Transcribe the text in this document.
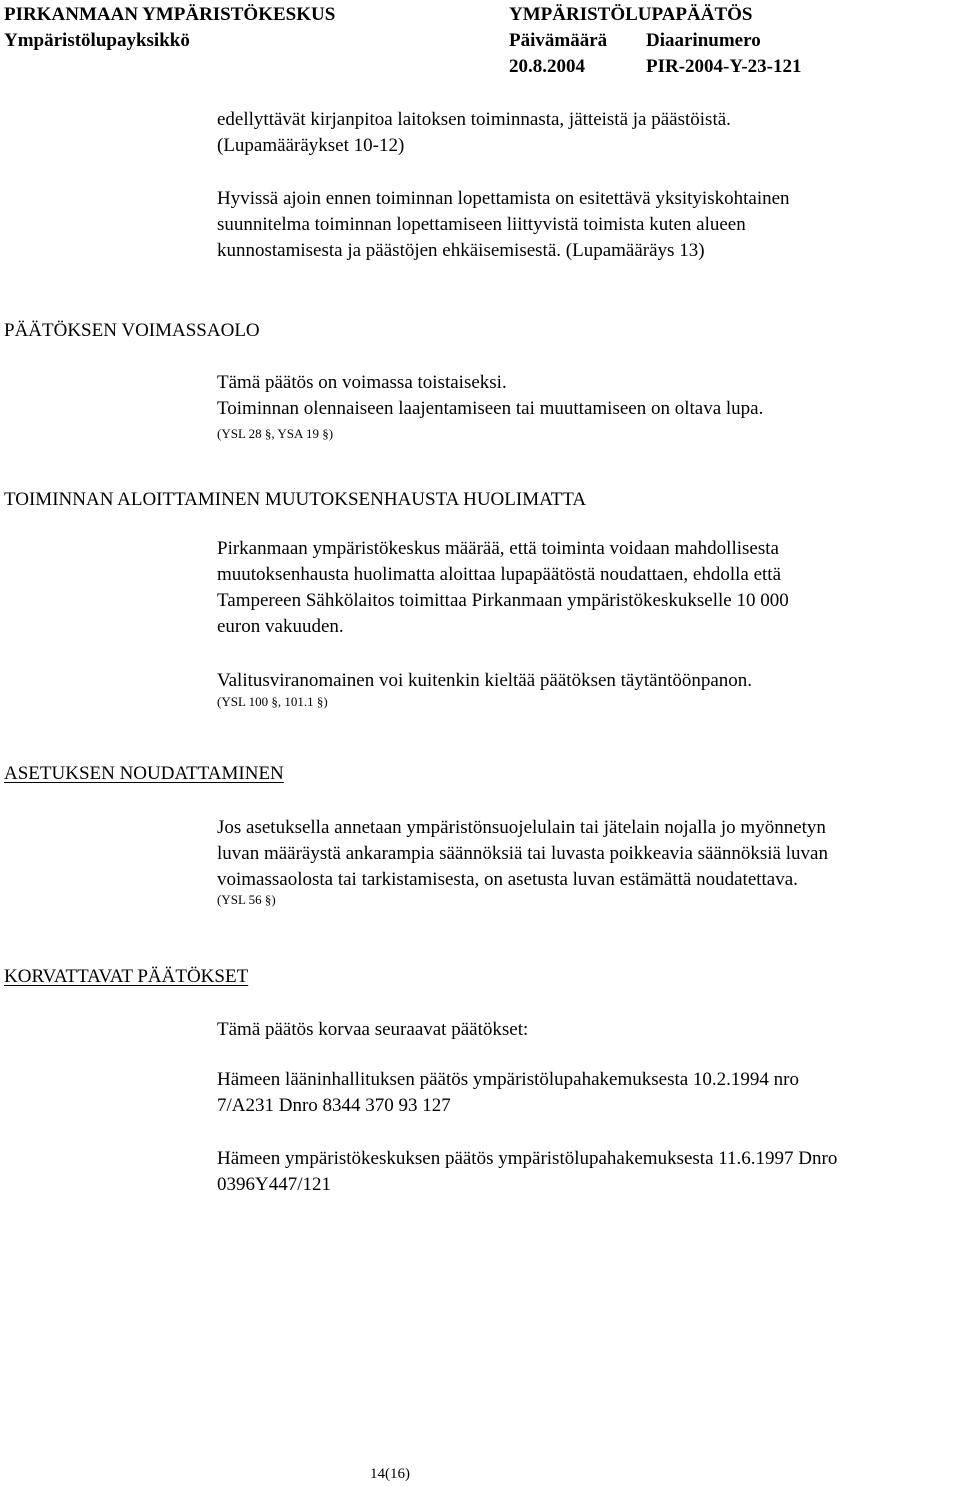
PIRKANMAAN YMPÄRISTÖKESKUS
Ympäristölupayksikkö
YMPÄRISTÖLUPAPÄÄTÖS
Päivämäärä Diaarinumero
20.8.2004	PIR-2004-Y-23-121
edellyttävät kirjanpitoa laitoksen toiminnasta, jätteistä ja päästöistä.
(Lupamääräykset 10-12)
Hyvissä ajoin ennen toiminnan lopettamista on esitettävä yksityiskohtainen
suunnitelma toiminnan lopettamiseen liittyvistä toimista kuten alueen
kunnostamisesta ja päästöjen ehkäisemisestä. (Lupamääräys 13)
PÄÄTÖKSEN VOIMASSAOLO
Tämä päätös on voimassa toistaiseksi.
Toiminnan olennaiseen laajentamiseen tai muuttamiseen on oltava lupa.
(YSL 28 §, YSA 19 §)
TOIMINNAN ALOITTAMINEN MUUTOKSENHAUSTA HUOLIMATTA
Pirkanmaan ympäristökeskus määrää, että toiminta voidaan mahdollisesta
muutoksenhausta huolimatta aloittaa lupapäätöstä noudattaen, ehdolla että
Tampereen Sähkölaitos toimittaa Pirkanmaan ympäristökeskukselle 10 000
euron vakuuden.
Valitusviranomainen voi kuitenkin kieltää päätöksen täytäntöönpanon.
(YSL 100 §, 101.1 §)
ASETUKSEN NOUDATTAMINEN
Jos asetuksella annetaan ympäristönsuojelulain tai jätelain nojalla jo myönnetyn
luvan määräystä ankarampia säännöksiä tai luvasta poikkeavia säännöksiä luvan
voimassaolosta tai tarkistamisesta, on asetusta luvan estämättä noudatettava.
(YSL 56 §)
KORVATTAVAT PÄÄTÖKSET
Tämä päätös korvaa seuraavat päätökset:
Hämeen lääninhallituksen päätös ympäristölupahakemuksesta 10.2.1994 nro
7/A231 Dnro 8344 370 93 127
Hämeen ympäristökeskuksen päätös ympäristölupahakemuksesta 11.6.1997 Dnro
0396Y447/121
14(16)
